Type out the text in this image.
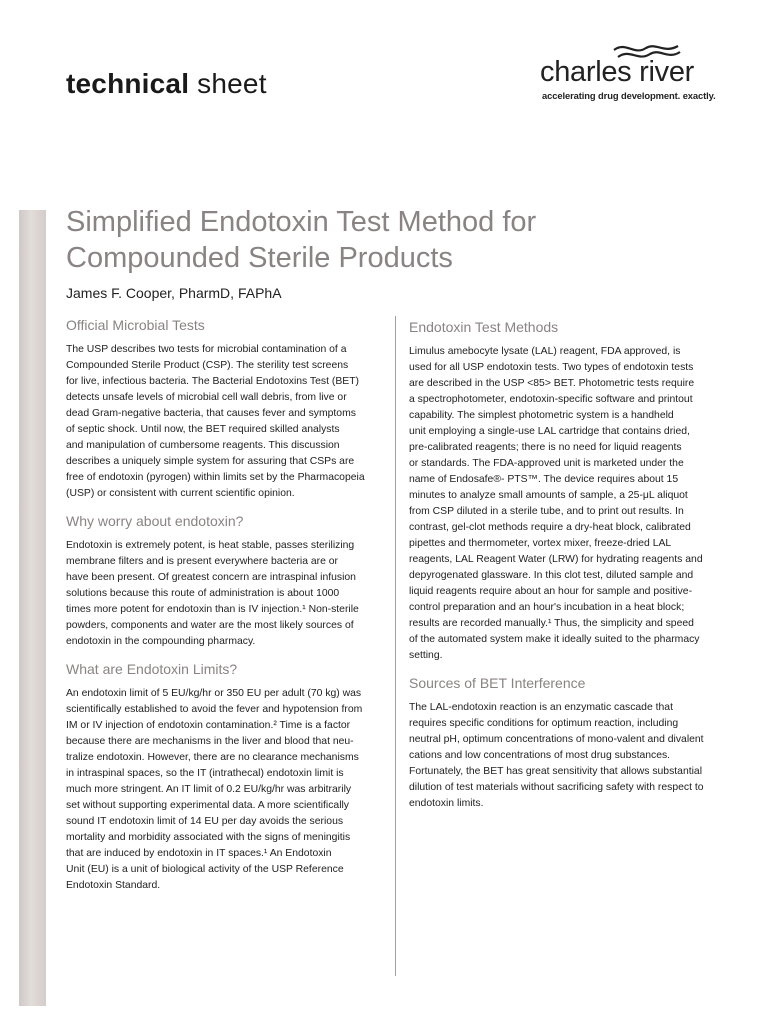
technical sheet	charles river
accelerating drug development. exactly.
Simplified Endotoxin Test Method for
Compounded Sterile Products
James F. Cooper, PharmD, FAPhA
Official Microbial Tests
The USP describes two tests for microbial contamination of a
Compounded Sterile Product (CSP). The sterility test screens
for live, infectious bacteria. The Bacterial Endotoxins Test (BET)
detects unsafe levels of microbial cell wall debris, from live or
dead Gram-negative bacteria, that causes fever and symptoms
of septic shock. Until now, the BET required skilled analysts
and manipulation of cumbersome reagents. This discussion
describes a uniquely simple system for assuring that CSPs are
free of endotoxin (pyrogen) within limits set by the Pharmacopeia
(USP) or consistent with current scientific opinion.
Why worry about endotoxin?
Endotoxin is extremely potent, is heat stable, passes sterilizing
membrane filters and is present everywhere bacteria are or
have been present. Of greatest concern are intraspinal infusion
solutions because this route of administration is about 1000
times more potent for endotoxin than is IV injection.¹ Non-sterile
powders, components and water are the most likely sources of
endotoxin in the compounding pharmacy.
What are Endotoxin Limits?
An endotoxin limit of 5 EU/kg/hr or 350 EU per adult (70 kg) was
scientifically established to avoid the fever and hypotension from
IM or IV injection of endotoxin contamination.² Time is a factor
because there are mechanisms in the liver and blood that neu-
tralize endotoxin. However, there are no clearance mechanisms
in intraspinal spaces, so the IT (intrathecal) endotoxin limit is
much more stringent. An IT limit of 0.2 EU/kg/hr was arbitrarily
set without supporting experimental data. A more scientifically
sound IT endotoxin limit of 14 EU per day avoids the serious
mortality and morbidity associated with the signs of meningitis
that are induced by endotoxin in IT spaces.¹ An Endotoxin
Unit (EU) is a unit of biological activity of the USP Reference
Endotoxin Standard.
Endotoxin Test Methods
Limulus amebocyte lysate (LAL) reagent, FDA approved, is
used for all USP endotoxin tests. Two types of endotoxin tests
are described in the USP <85> BET. Photometric tests require
a spectrophotometer, endotoxin-specific software and printout
capability. The simplest photometric system is a handheld
unit employing a single-use LAL cartridge that contains dried,
pre-calibrated reagents; there is no need for liquid reagents
or standards. The FDA-approved unit is marketed under the
name of Endosafe®- PTS™. The device requires about 15
minutes to analyze small amounts of sample, a 25-μL aliquot
from CSP diluted in a sterile tube, and to print out results. In
contrast, gel-clot methods require a dry-heat block, calibrated
pipettes and thermometer, vortex mixer, freeze-dried LAL
reagents, LAL Reagent Water (LRW) for hydrating reagents and
depyrogenated glassware. In this clot test, diluted sample and
liquid reagents require about an hour for sample and positive-
control preparation and an hour's incubation in a heat block;
results are recorded manually.¹ Thus, the simplicity and speed
of the automated system make it ideally suited to the pharmacy
setting.
Sources of BET Interference
The LAL-endotoxin reaction is an enzymatic cascade that
requires specific conditions for optimum reaction, including
neutral pH, optimum concentrations of mono-valent and divalent
cations and low concentrations of most drug substances.
Fortunately, the BET has great sensitivity that allows substantial
dilution of test materials without sacrificing safety with respect to
endotoxin limits.
